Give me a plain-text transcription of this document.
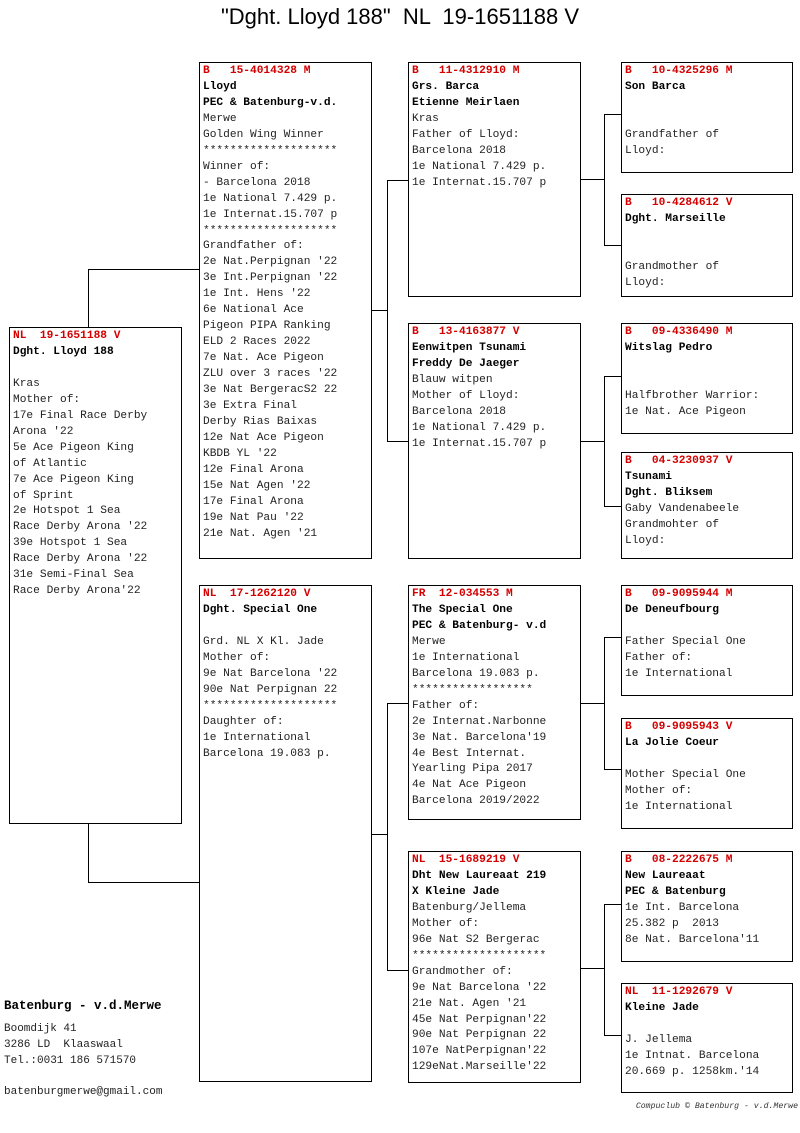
"Dght. Lloyd 188"  NL  19-1651188 V
NL  19-1651188 V
Dght. Lloyd 188
Kras
Mother of:
17e Final Race Derby
Arona '22
5e Ace Pigeon King
of Atlantic
7e Ace Pigeon King
of Sprint
2e Hotspot 1 Sea
Race Derby Arona '22
39e Hotspot 1 Sea
Race Derby Arona '22
31e Semi-Final Sea
Race Derby Arona'22
B   15-4014328 M
Lloyd
PEC & Batenburg-v.d.
Merwe
Golden Wing Winner
********************
Winner of:
- Barcelona 2018
1e National 7.429 p.
1e Internat.15.707 p
********************
Grandfather of:
2e Nat.Perpignan '22
3e Int.Perpignan '22
1e Int. Hens '22
6e National Ace
Pigeon PIPA Ranking
ELD 2 Races 2022
7e Nat. Ace Pigeon
ZLU over 3 races '22
3e Nat BergeracS2 22
3e Extra Final
Derby Rias Baixas
12e Nat Ace Pigeon
KBDB YL '22
12e Final Arona
15e Nat Agen '22
17e Final Arona
19e Nat Pau '22
21e Nat. Agen '21
NL  17-1262120 V
Dght. Special One
Grd. NL X Kl. Jade
Mother of:
9e Nat Barcelona '22
90e Nat Perpignan 22
********************
Daughter of:
1e International
Barcelona 19.083 p.
B   11-4312910 M
Grs. Barca
Etienne Meirlaen
Kras
Father of Lloyd:
Barcelona 2018
1e National 7.429 p.
1e Internat.15.707 p
B   13-4163877 V
Eenwitpen Tsunami
Freddy De Jaeger
Blauw witpen
Mother of Lloyd:
Barcelona 2018
1e National 7.429 p.
1e Internat.15.707 p
FR  12-034553 M
The Special One
PEC & Batenburg- v.d
Merwe
1e International
Barcelona 19.083 p.
******************
Father of:
2e Internat.Narbonne
3e Nat. Barcelona'19
4e Best Internat.
Yearling Pipa 2017
4e Nat Ace Pigeon
Barcelona 2019/2022
NL  15-1689219 V
Dht New Laureaat 219
X Kleine Jade
Batenburg/Jellema
Mother of:
96e Nat S2 Bergerac
********************
Grandmother of:
9e Nat Barcelona '22
21e Nat. Agen '21
45e Nat Perpignan'22
90e Nat Perpignan 22
107e NatPerpignan'22
129eNat.Marseille'22
B   10-4325296 M
Son Barca
Grandfather of
Lloyd:
B   10-4284612 V
Dght. Marseille
Grandmother of
Lloyd:
B   09-4336490 M
Witslag Pedro
Halfbrother Warrior:
1e Nat. Ace Pigeon
B   04-3230937 V
Tsunami
Dght. Bliksem
Gaby Vandenabeele
Grandmohter of
Lloyd:
B   09-9095944 M
De Deneufbourg
Father Special One
Father of:
1e International
B   09-9095943 V
La Jolie Coeur
Mother Special One
Mother of:
1e International
B   08-2222675 M
New Laureaat
PEC & Batenburg
1e Int. Barcelona
25.382 p  2013
8e Nat. Barcelona'11
NL  11-1292679 V
Kleine Jade
J. Jellema
1e Intnat. Barcelona
20.669 p. 1258km.'14
Batenburg - v.d.Merwe
Boomdijk 41
3286 LD  Klaaswaal
Tel.:0031 186 571570
batenburgmerwe@gmail.com
Compuclub © Batenburg - v.d.Merwe
